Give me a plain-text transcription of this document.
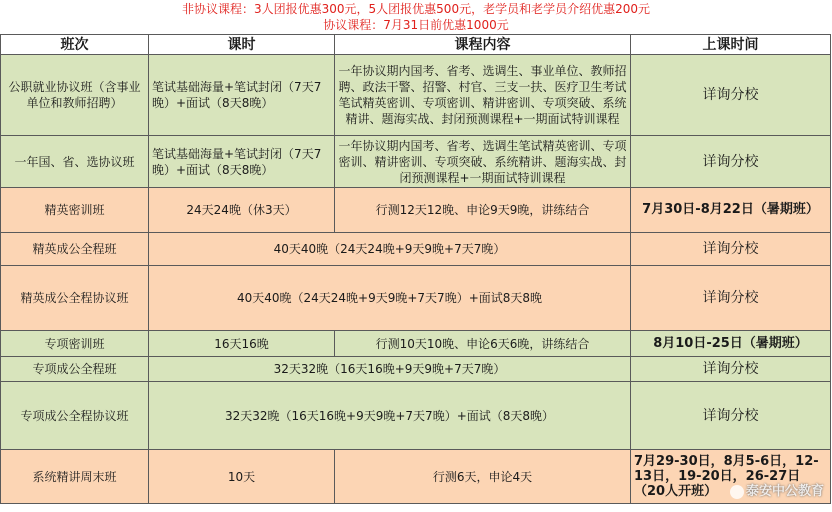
非协议课程：3人团报优惠300元，5人团报优惠500元，老学员和老学员介绍优惠200元
协议课程：7月31日前优惠1000元
班次	课时	课程内容	上课时间
公职就业协议班（含事业单位和教师招聘）	笔试基础海量+笔试封闭（7天7晚）+面试（8天8晚）	一年协议期内国考、省考、选调生、事业单位、教师招聘、政法干警、招警、村官、三支一扶、医疗卫生考试笔试精英密训、专项密训、精讲密训、专项突破、系统精讲、题海实战、封闭预测课程+一期面试特训课程	详询分校
一年国、省、选协议班	笔试基础海量+笔试封闭（7天7晚）+面试（8天8晚）	一年协议期内国考、省考、选调生笔试精英密训、专项密训、精讲密训、专项突破、系统精讲、题海实战、封闭预测课程+一期面试特训课程	详询分校
精英密训班	24天24晚（休3天）	行测12天12晚、申论9天9晚，讲练结合	7月30日-8月22日（暑期班）
精英成公全程班	40天40晚（24天24晚+9天9晚+7天7晚）		详询分校
精英成公全程协议班	40天40晚（24天24晚+9天9晚+7天7晚）+面试8天8晚		详询分校
专项密训班	16天16晚	行测10天10晚、申论6天6晚，讲练结合	8月10日-25日（暑期班）
专项成公全程班	32天32晚（16天16晚+9天9晚+7天7晚）		详询分校
专项成公全程协议班	32天32晚（16天16晚+9天9晚+7天7晚）+面试（8天8晚）		详询分校
系统精讲周末班	10天	行测6天，申论4天	7月29-30日，8月5-6日，12-13日，19-20日，26-27日（20人开班） 泰安中公教育
